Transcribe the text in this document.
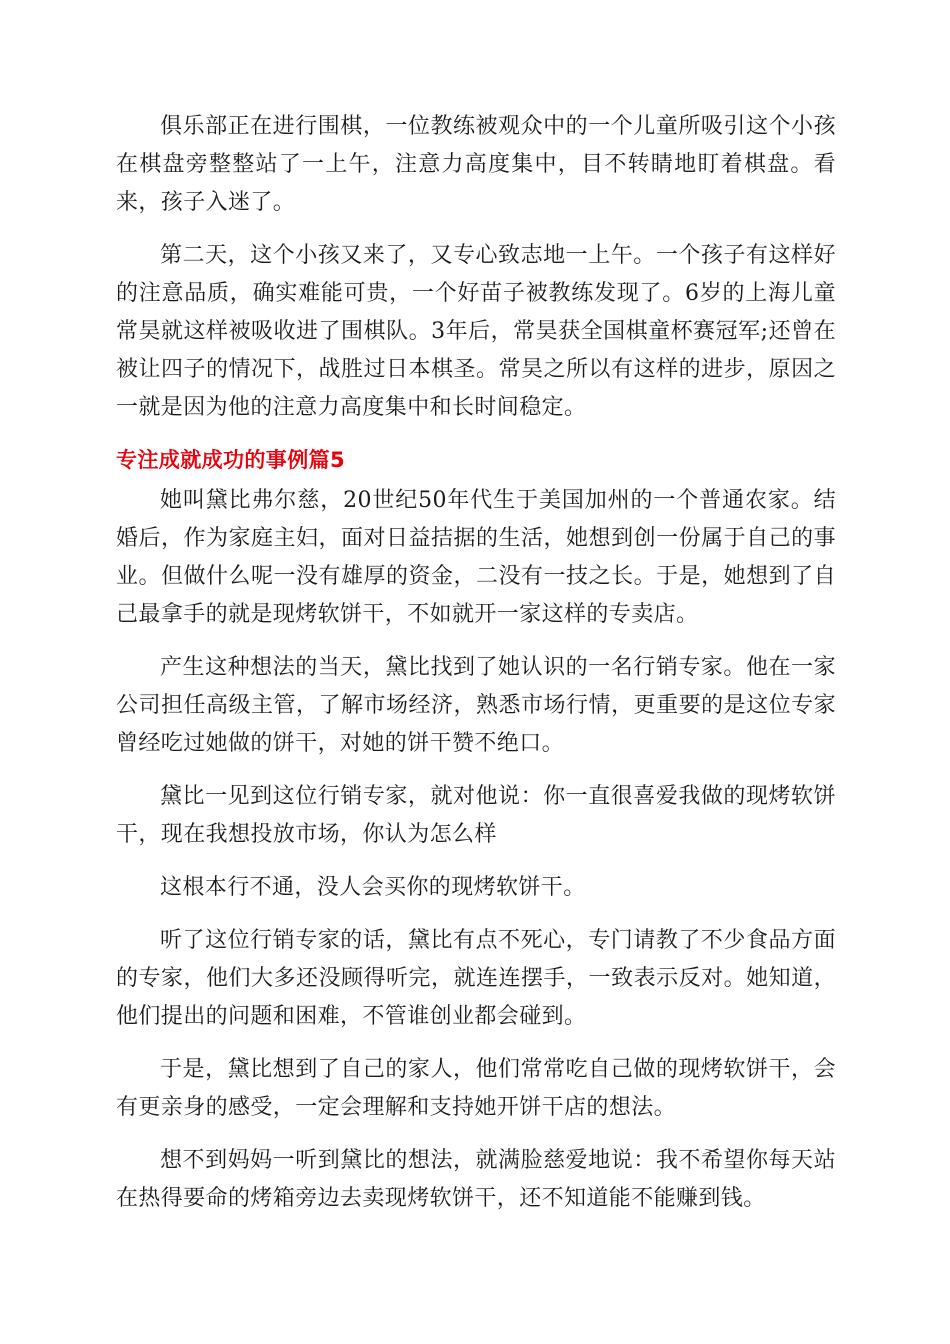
俱乐部正在进行围棋，一位教练被观众中的一个儿童所吸引这个小孩在棋盘旁整整站了一上午，注意力高度集中，目不转睛地盯着棋盘。看来，孩子入迷了。

第二天，这个小孩又来了，又专心致志地一上午。一个孩子有这样好的注意品质，确实难能可贵，一个好苗子被教练发现了。6岁的上海儿童常昊就这样被吸收进了围棋队。3年后，常昊获全国棋童杯赛冠军;还曾在被让四子的情况下，战胜过日本棋圣。常昊之所以有这样的进步，原因之一就是因为他的注意力高度集中和长时间稳定。

专注成就成功的事例篇5

她叫黛比弗尔慈，20世纪50年代生于美国加州的一个普通农家。结婚后，作为家庭主妇，面对日益拮据的生活，她想到创一份属于自己的事业。但做什么呢一没有雄厚的资金，二没有一技之长。于是，她想到了自己最拿手的就是现烤软饼干，不如就开一家这样的专卖店。

产生这种想法的当天，黛比找到了她认识的一名行销专家。他在一家公司担任高级主管，了解市场经济，熟悉市场行情，更重要的是这位专家曾经吃过她做的饼干，对她的饼干赞不绝口。

黛比一见到这位行销专家，就对他说：你一直很喜爱我做的现烤软饼干，现在我想投放市场，你认为怎么样

这根本行不通，没人会买你的现烤软饼干。

听了这位行销专家的话，黛比有点不死心，专门请教了不少食品方面的专家，他们大多还没顾得听完，就连连摆手，一致表示反对。她知道，他们提出的问题和困难，不管谁创业都会碰到。

于是，黛比想到了自己的家人，他们常常吃自己做的现烤软饼干，会有更亲身的感受，一定会理解和支持她开饼干店的想法。

想不到妈妈一听到黛比的想法，就满脸慈爱地说：我不希望你每天站在热得要命的烤箱旁边去卖现烤软饼干，还不知道能不能赚到钱。
